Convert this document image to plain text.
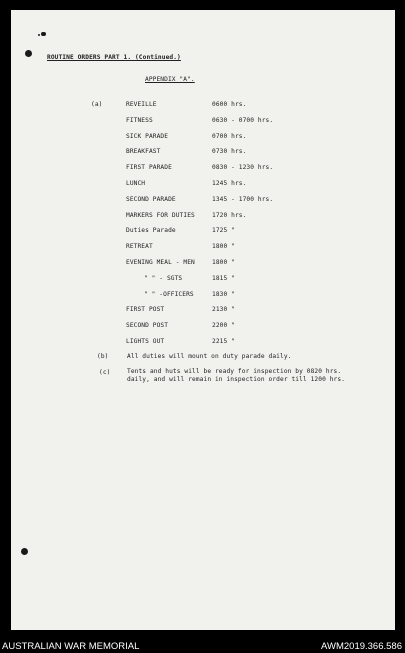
ROUTINE ORDERS PART 1. (Continued.)
APPENDIX "A".
(a)	REVEILLE	0600 hrs.
FITNESS	0630 - 0700 hrs.
SICK PARADE	0700 hrs.
BREAKFAST	0730 hrs.
FIRST PARADE	0830 - 1230 hrs.
LUNCH	1245 hrs.
SECOND PARADE	1345 - 1700 hrs.
MARKERS FOR DUTIES	1720 hrs.
Duties Parade	1725 "
RETREAT	1800 "
EVENING MEAL - MEN	1800 "
" " - SGTS	1815 "
" " -OFFICERS	1830 "
FIRST POST	2130 "
SECOND POST	2200 "
LIGHTS OUT	2215 "
(b)	All duties will mount on duty parade daily.
(c)	Tents and huts will be ready for inspection by 0820 hrs.
daily, and will remain in inspection order till 1200 hrs.
AUSTRALIAN WAR MEMORIAL	AWM2019.366.586
